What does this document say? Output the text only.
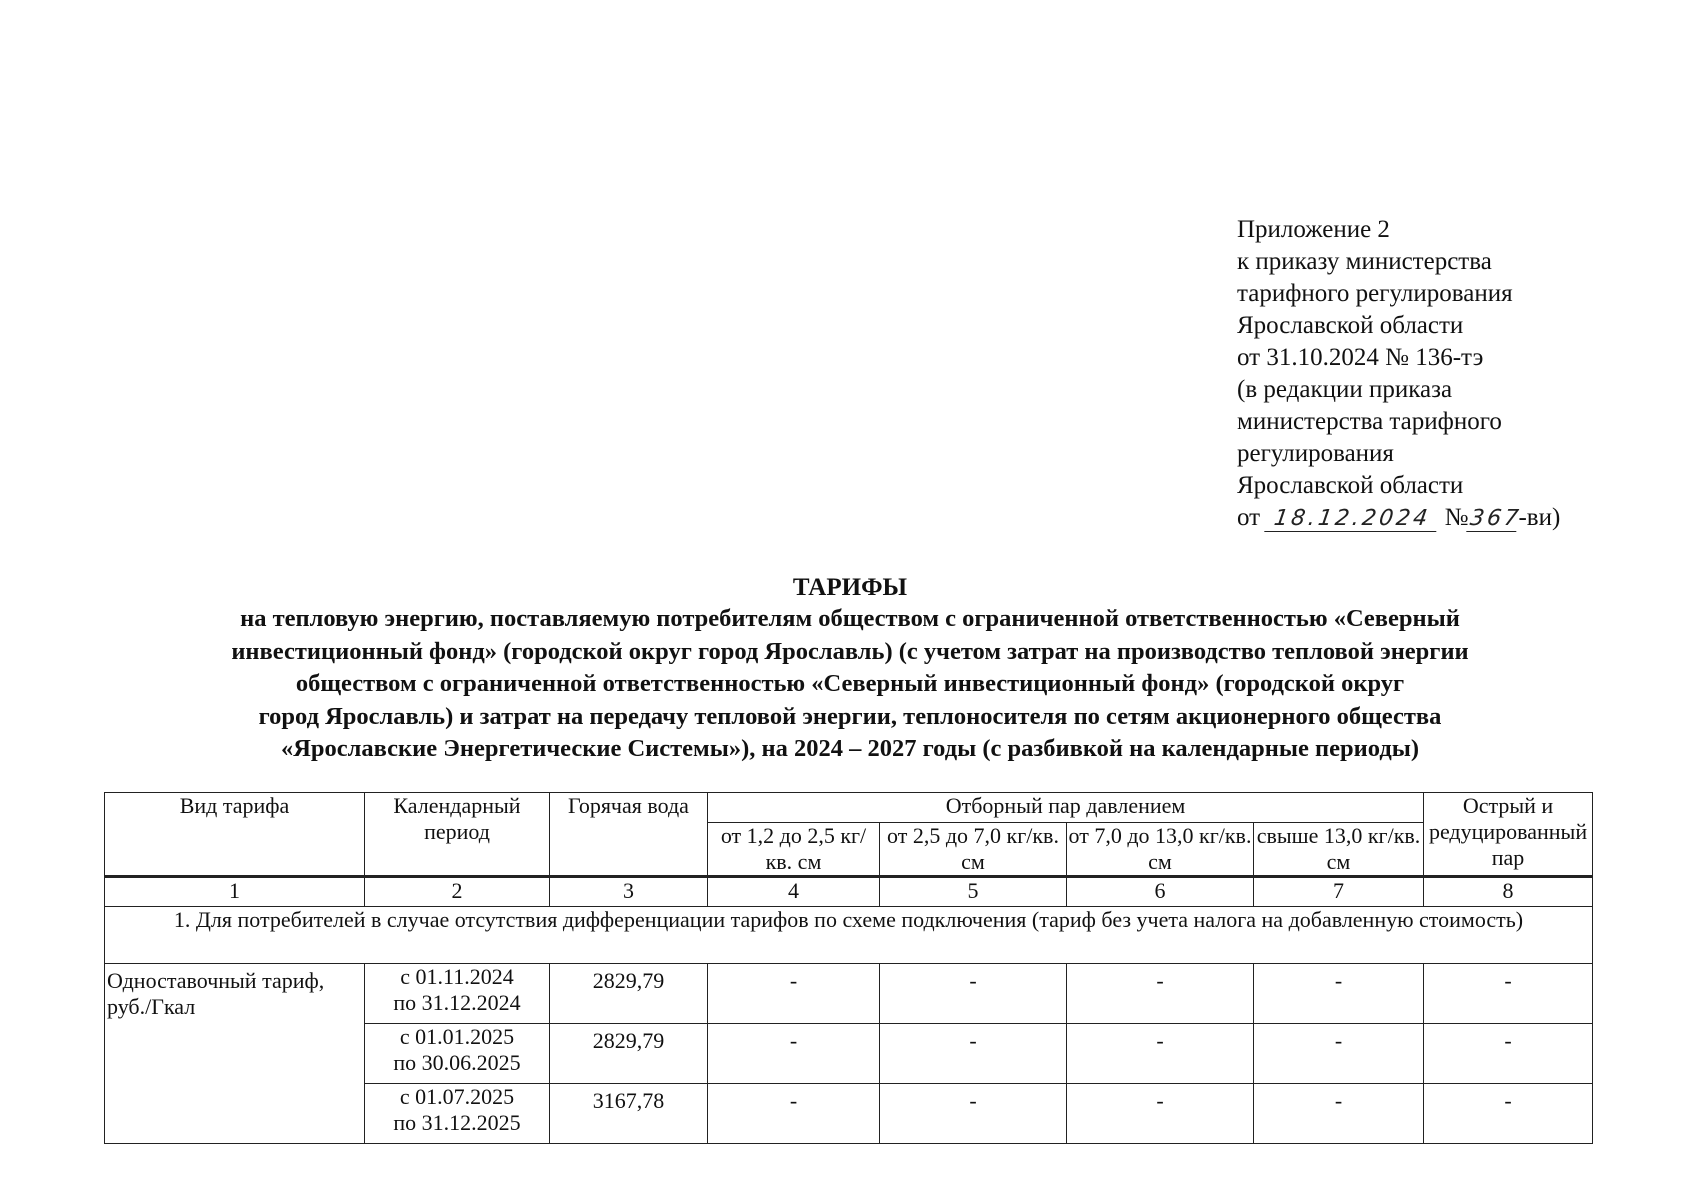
Приложение 2
к приказу министерства
тарифного регулирования
Ярославской области
от 31.10.2024 № 136-тэ
(в редакции приказа
министерства тарифного
регулирования
Ярославской области
от 18.12.2024 №367-ви)
ТАРИФЫ
на тепловую энергию, поставляемую потребителям обществом с ограниченной ответственностью «Северный
инвестиционный фонд» (городской округ город Ярославль) (с учетом затрат на производство тепловой энергии
обществом с ограниченной ответственностью «Северный инвестиционный фонд» (городской округ
город Ярославль) и затрат на передачу тепловой энергии, теплоносителя по сетям акционерного общества
«Ярославские Энергетические Системы»), на 2024 – 2027 годы (с разбивкой на календарные периоды)
Вид тарифа	Календарный период	Горячая вода	Отборный пар давлением				Острый и редуцированный пар
			от 1,2 до 2,5 кг/кв. см	от 2,5 до 7,0 кг/кв. см	от 7,0 до 13,0 кг/кв. см	свыше 13,0 кг/кв. см	
1	2	3	4	5	6	7	8
1. Для потребителей в случае отсутствия дифференциации тарифов по схеме подключения (тариф без учета налога на добавленную стоимость)							
Одноставочный тариф, руб./Гкал	с 01.11.2024
по 31.12.2024	2829,79	-	-	-	-	-

	с 01.01.2025
по 30.06.2025	2829,79	-	-	-	-	-

	с 01.07.2025
по 31.12.2025	3167,78	-	-	-	-	-
